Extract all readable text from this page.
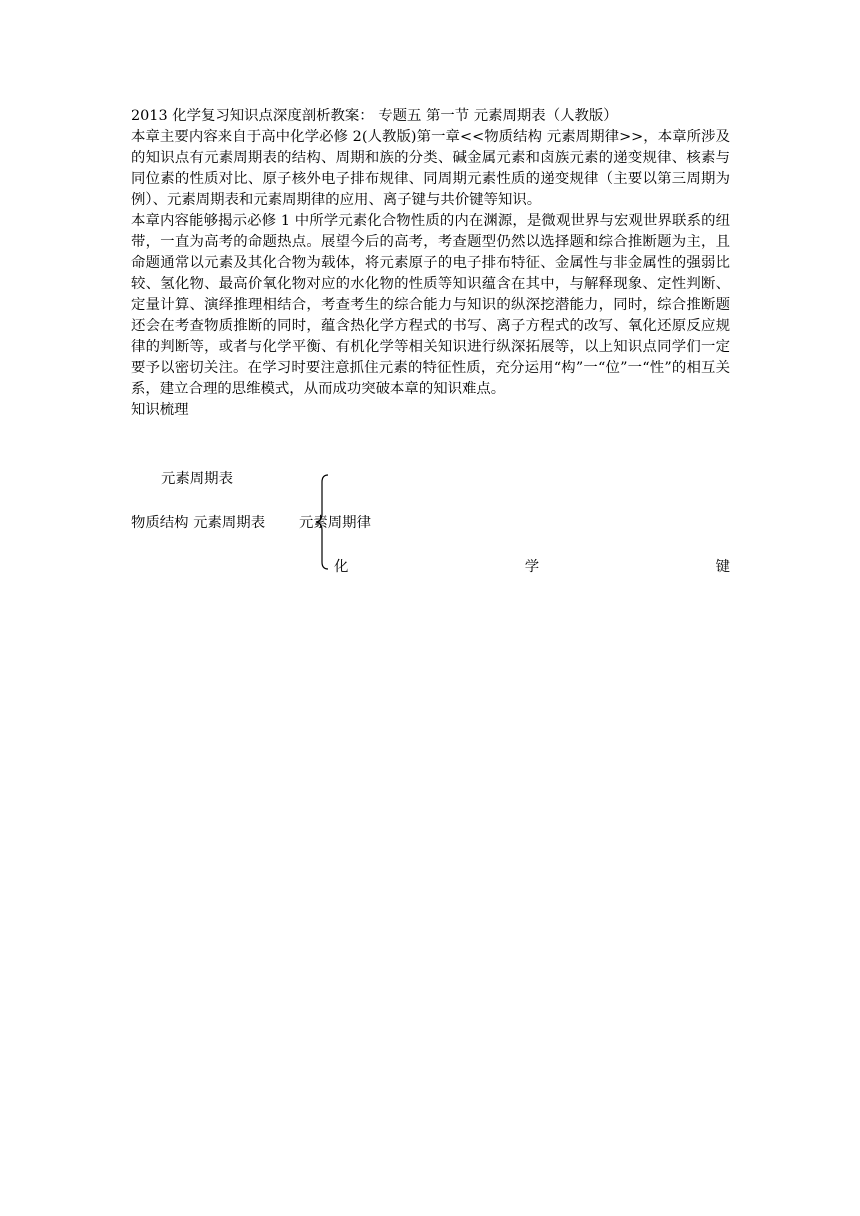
2013 化学复习知识点深度剖析教案： 专题五 第一节 元素周期表（人教版）
本章主要内容来自于高中化学必修 2(人教版)第一章<<物质结构 元素周期律>>，本章所涉及的知识点有元素周期表的结构、周期和族的分类、碱金属元素和卤族元素的递变规律、核素与同位素的性质对比、原子核外电子排布规律、同周期元素性质的递变规律（主要以第三周期为例）、元素周期表和元素周期律的应用、离子键与共价键等知识。
本章内容能够揭示必修 1 中所学元素化合物性质的内在渊源，是微观世界与宏观世界联系的纽带，一直为高考的命题热点。展望今后的高考，考查题型仍然以选择题和综合推断题为主，且命题通常以元素及其化合物为载体，将元素原子的电子排布特征、金属性与非金属性的强弱比较、氢化物、最高价氧化物对应的水化物的性质等知识蕴含在其中，与解释现象、定性判断、定量计算、演绎推理相结合，考查考生的综合能力与知识的纵深挖潜能力，同时，综合推断题还会在考查物质推断的同时，蕴含热化学方程式的书写、离子方程式的改写、氧化还原反应规律的判断等，或者与化学平衡、有机化学等相关知识进行纵深拓展等，以上知识点同学们一定要予以密切关注。在学习时要注意抓住元素的特征性质，充分运用“构”一“位”一“性”的相互关系，建立合理的思维模式，从而成功突破本章的知识难点。
知识梳理
元素周期表
物质结构 元素周期表 元素周期律
化	学	键
